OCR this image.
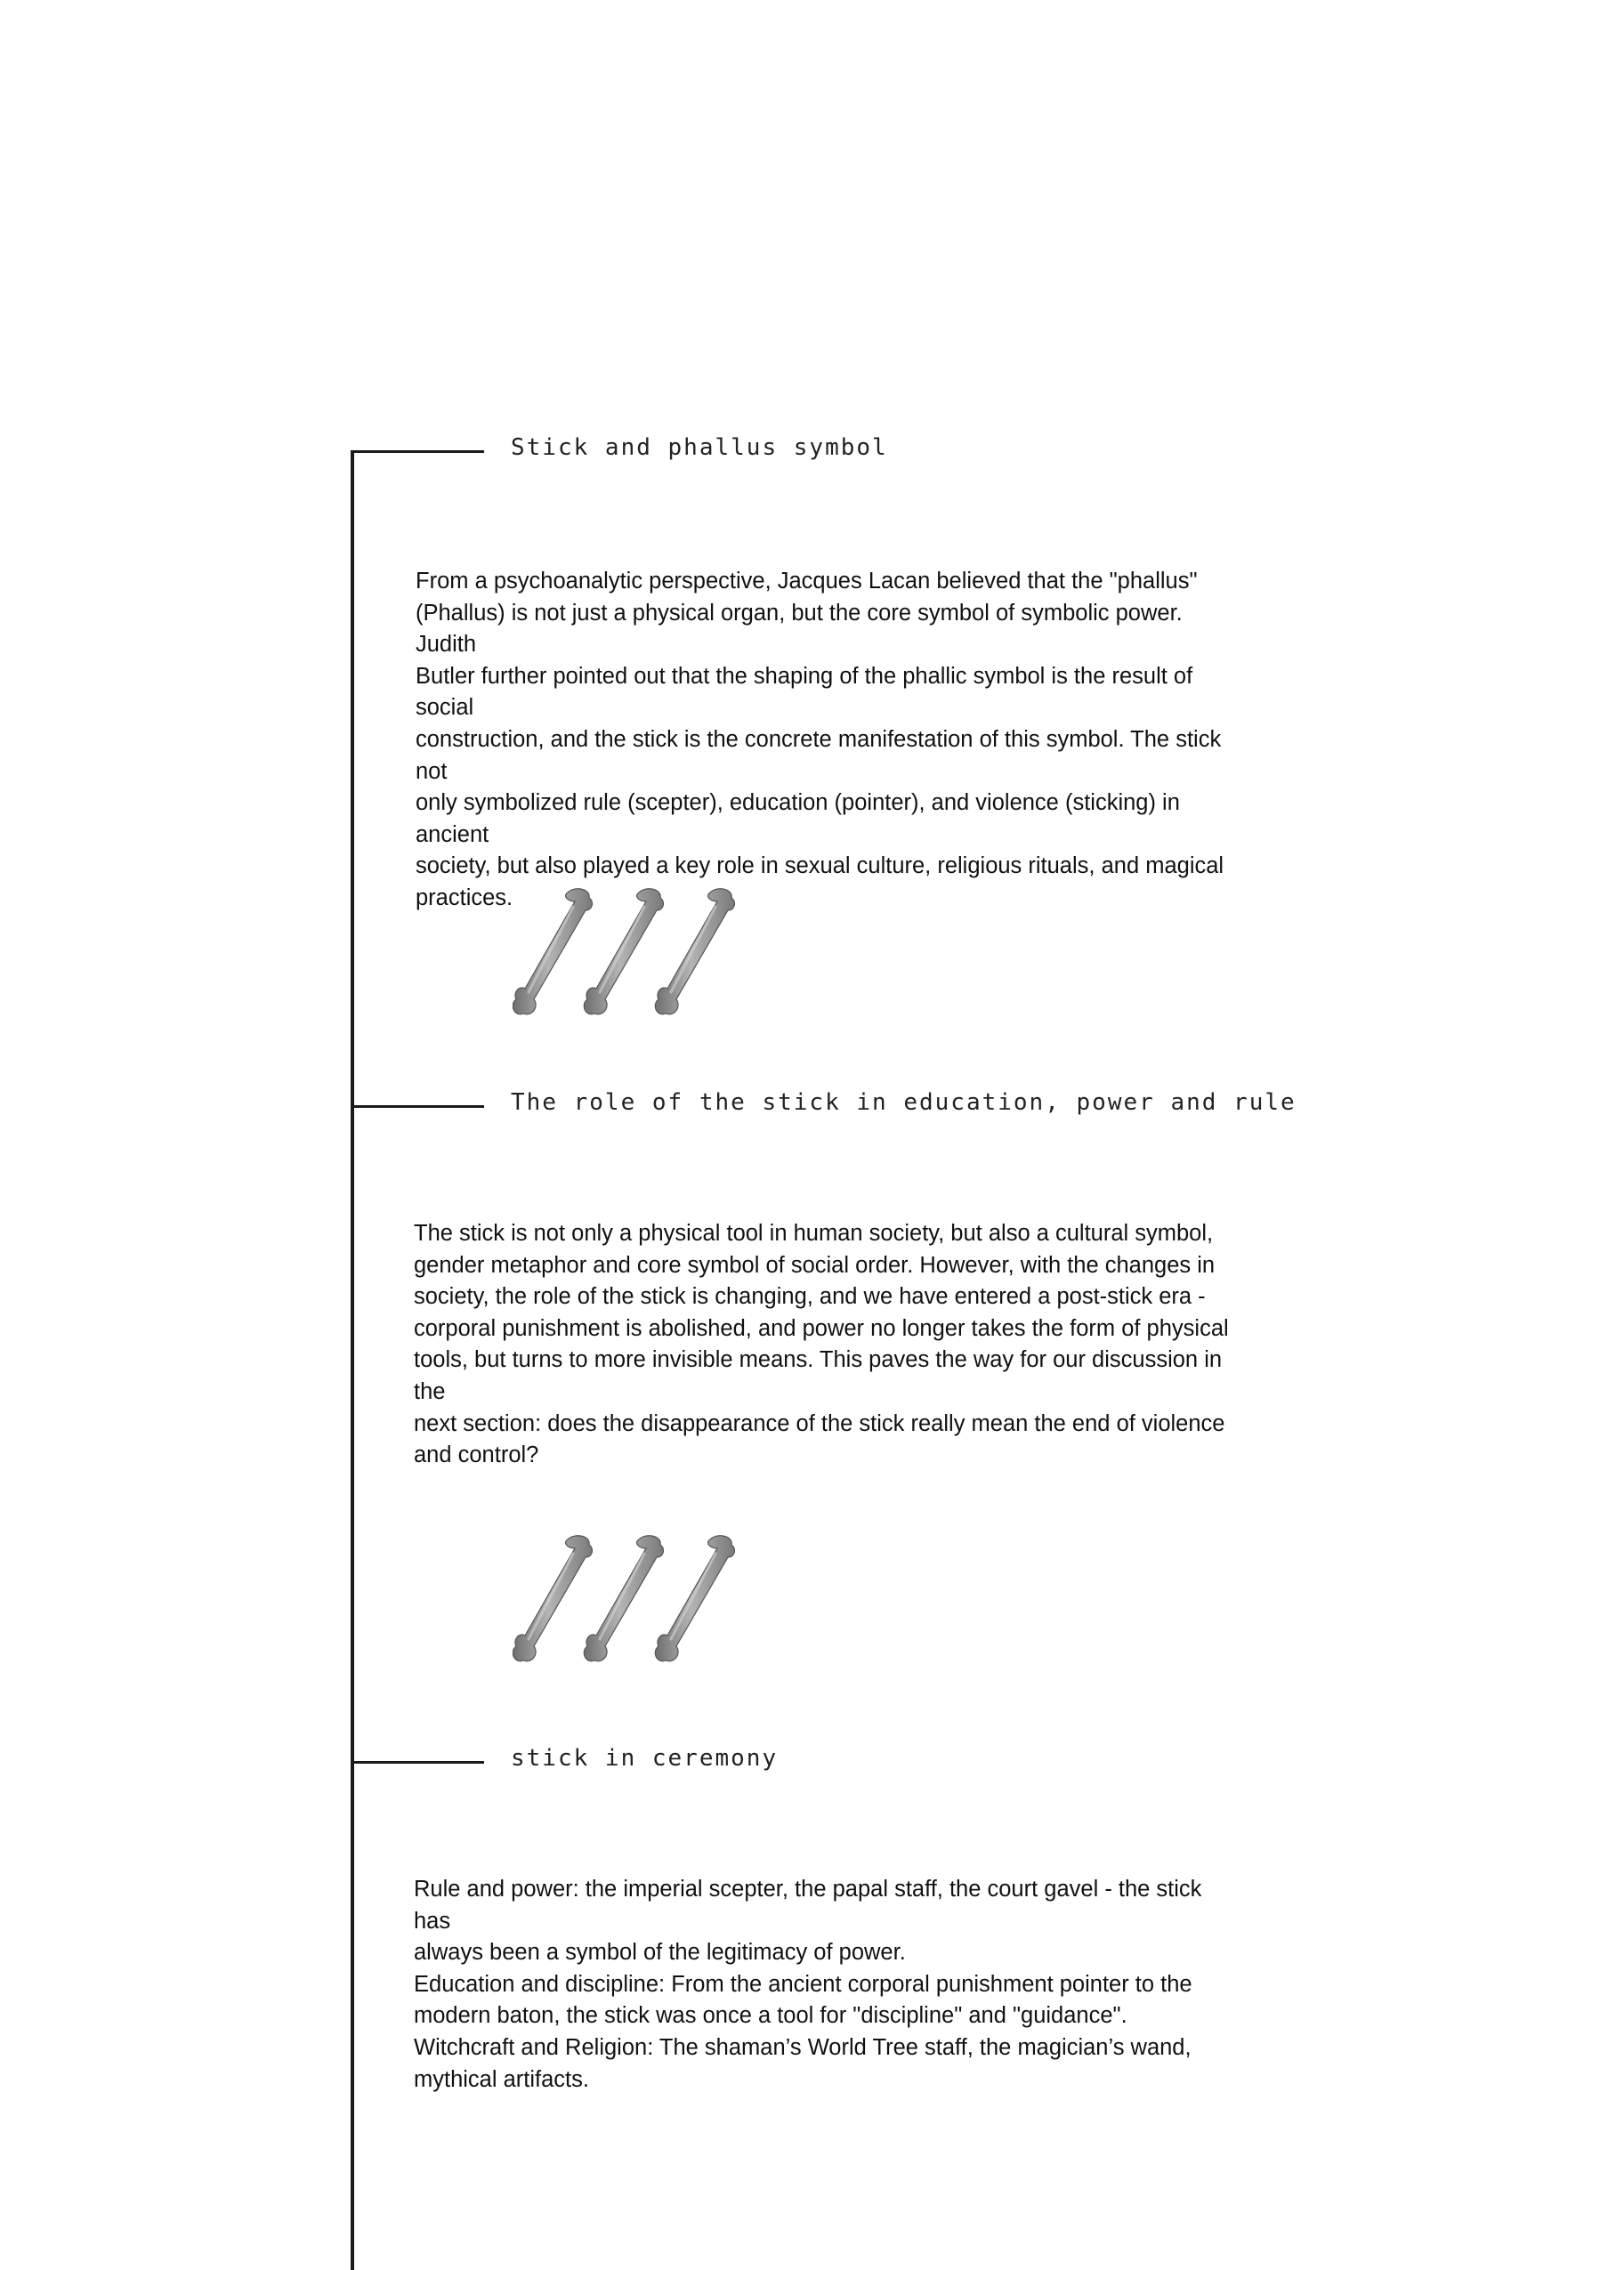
Stick and phallus symbol
From a psychoanalytic perspective, Jacques Lacan believed that the "phallus"
(Phallus) is not just a physical organ, but the core symbol of symbolic power. Judith
Butler further pointed out that the shaping of the phallic symbol is the result of social
construction, and the stick is the concrete manifestation of this symbol. The stick not
only symbolized rule (scepter), education (pointer), and violence (sticking) in ancient
society, but also played a key role in sexual culture, religious rituals, and magical
practices.
The role of the stick in education, power and rule
The stick is not only a physical tool in human society, but also a cultural symbol,
gender metaphor and core symbol of social order. However, with the changes in
society, the role of the stick is changing, and we have entered a post-stick era -
corporal punishment is abolished, and power no longer takes the form of physical
tools, but turns to more invisible means. This paves the way for our discussion in the
next section: does the disappearance of the stick really mean the end of violence
and control?
stick in ceremony
Rule and power: the imperial scepter, the papal staff, the court gavel - the stick has
always been a symbol of the legitimacy of power.
Education and discipline: From the ancient corporal punishment pointer to the
modern baton, the stick was once a tool for "discipline" and "guidance".
Witchcraft and Religion: The shaman’s World Tree staff, the magician’s wand,
mythical artifacts.
